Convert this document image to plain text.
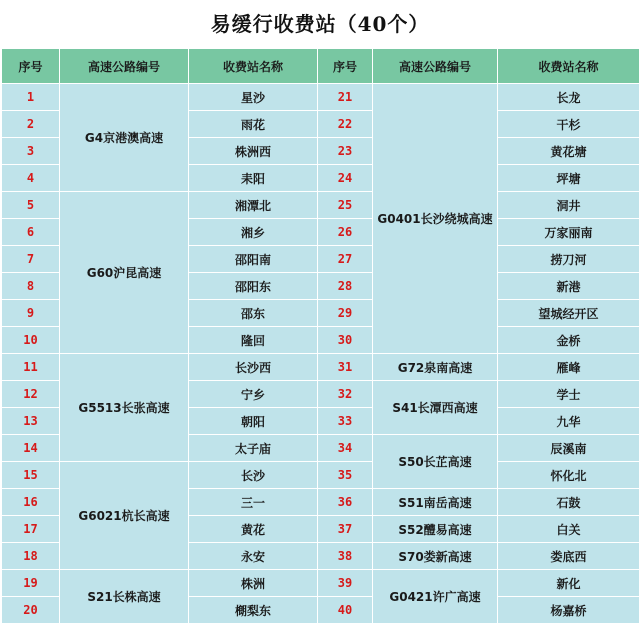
易缓行收费站（40个）
序号	高速公路编号	收费站名称	序号	高速公路编号	收费站名称
1	G4京港澳高速	星沙	21	G0401长沙绕城高速	长龙
2		雨花	22		干杉
3		株洲西	23		黄花塘
4		耒阳	24		坪塘
5	G60沪昆高速	湘潭北	25		洞井
6		湘乡	26		万家丽南
7		邵阳南	27		捞刀河
8		邵阳东	28		新港
9		邵东	29		望城经开区
10		隆回	30		金桥
11	G5513长张高速	长沙西	31	G72泉南高速	雁峰
12		宁乡	32	S41长潭西高速	学士
13		朝阳	33		九华
14		太子庙	34	S50长芷高速	辰溪南
15	G6021杭长高速	长沙	35		怀化北
16		三一	36	S51南岳高速	石鼓
17		黄花	37	S52醴易高速	白关
18		永安	38	S70娄新高速	娄底西
19	S21长株高速	株洲	39	G0421许广高速	新化
20		樃梨东	40		杨嘉桥
